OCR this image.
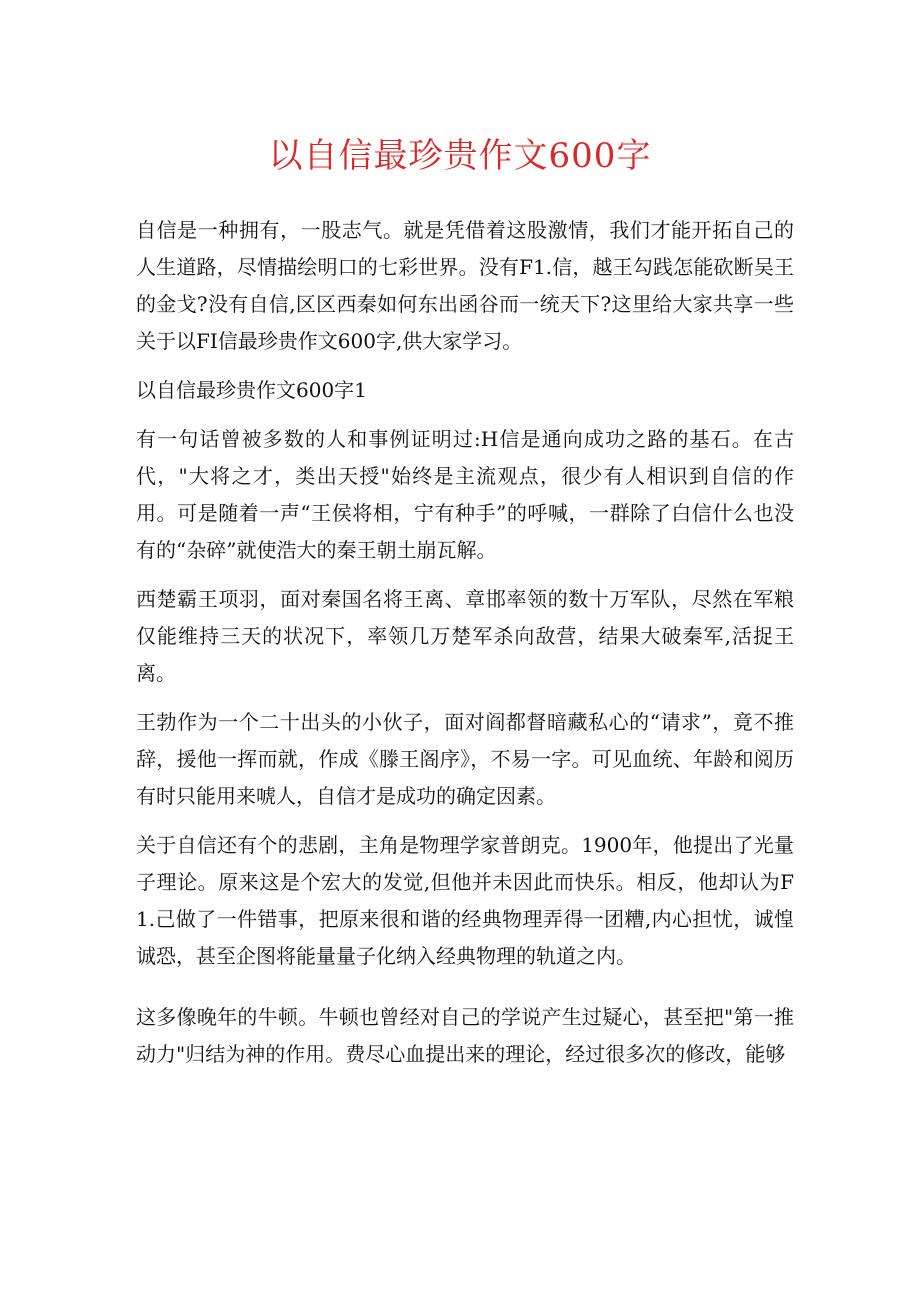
以自信最珍贵作文600字

自信是一种拥有，一股志气。就是凭借着这股激情，我们才能开拓自己的人生道路，尽情描绘明口的七彩世界。没有F1.信，越王勾践怎能砍断吴王的金戈?没有自信,区区西秦如何东出函谷而一统天下?这里给大家共享一些关于以FI信最珍贵作文600字,供大家学习。

以自信最珍贵作文600字1

有一句话曾被多数的人和事例证明过:H信是通向成功之路的基石。在古代，"大将之才，类出天授"始终是主流观点，很少有人相识到自信的作用。可是随着一声“王侯将相，宁有种手”的呼喊，一群除了白信什么也没有的“杂碎”就使浩大的秦王朝土崩瓦解。

西楚霸王项羽，面对秦国名将王离、章邯率领的数十万军队，尽然在军粮仅能维持三天的状况下，率领几万楚军杀向敌营，结果大破秦军,活捉王离。

王勃作为一个二十出头的小伙子，面对阎都督暗藏私心的“请求”，竟不推辞，援他一挥而就，作成《滕王阁序》，不易一字。可见血统、年龄和阅历有时只能用来唬人，自信才是成功的确定因素。

关于自信还有个的悲剧，主角是物理学家普朗克。1900年，他提出了光量子理论。原来这是个宏大的发觉,但他并未因此而快乐。相反，他却认为F1.己做了一件错事，把原来很和谐的经典物理弄得一团糟,内心担忧，诚惶诚恐，甚至企图将能量量子化纳入经典物理的轨道之内。

这多像晚年的牛顿。牛顿也曾经对自己的学说产生过疑心，甚至把"第一推动力"归结为神的作用。费尽心血提出来的理论，经过很多次的修改，能够
